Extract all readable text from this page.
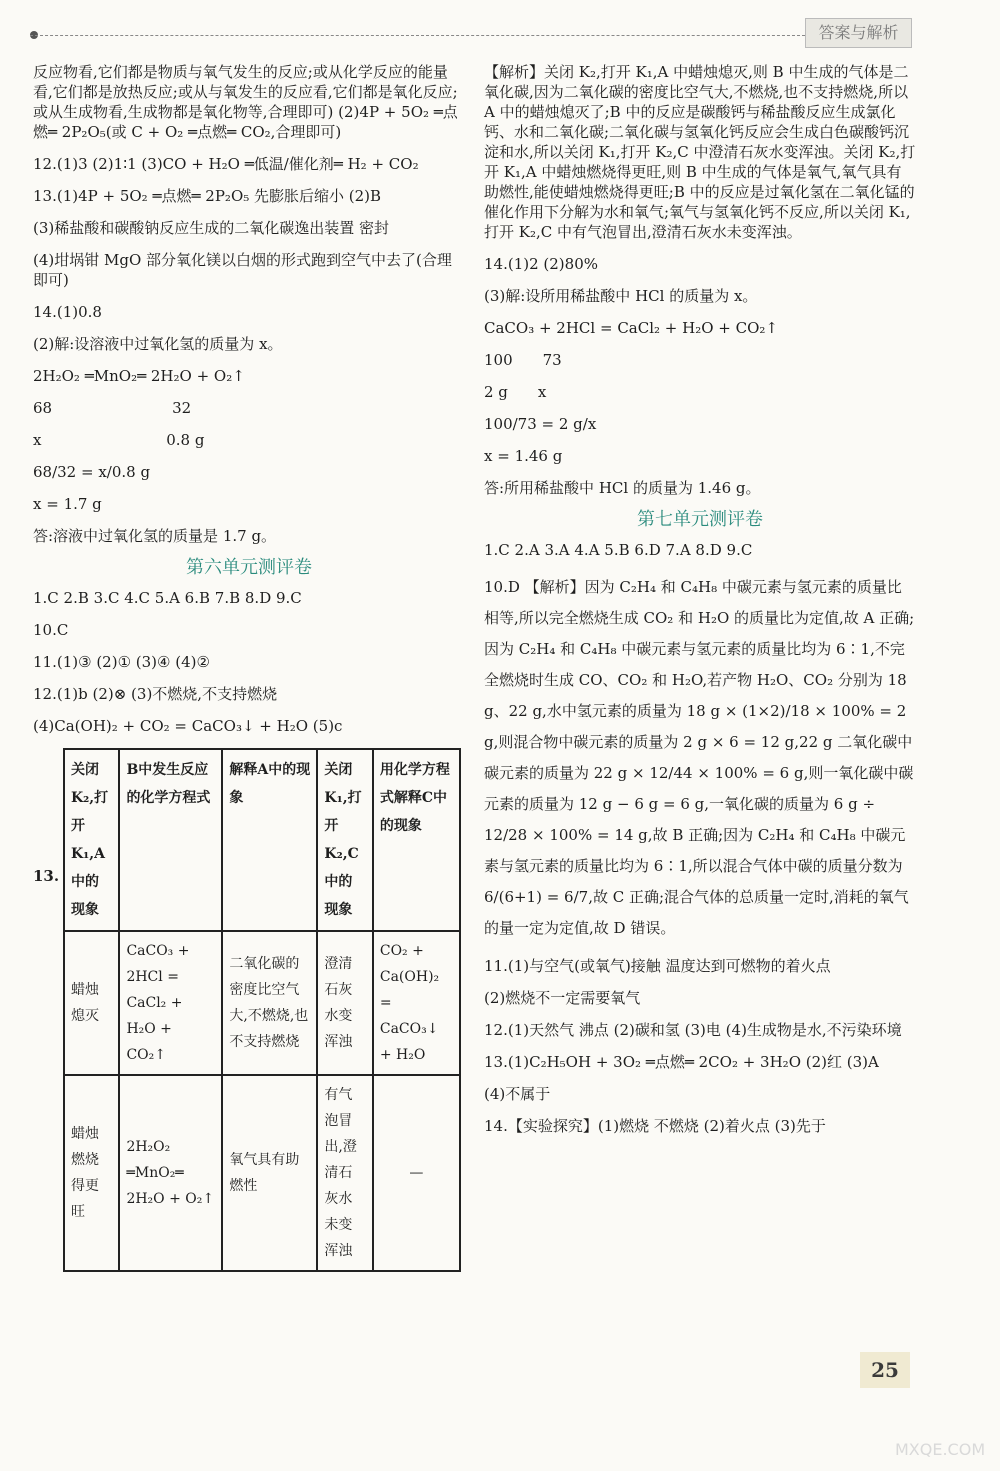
答案与解析

反应物看,它们都是物质与氧气发生的反应;或从化学反应的能量看,它们都是放热反应;或从与氧发生的反应看,它们都是氧化反应;或从生成物看,生成物都是氧化物等,合理即可) (2)4P + 5O₂ ═点燃═ 2P₂O₅(或 C + O₂ ═点燃═ CO₂,合理即可)

12.(1)3 (2)1∶1 (3)CO + H₂O ═低温/催化剂═ H₂ + CO₂

13.(1)4P + 5O₂ ═点燃═ 2P₂O₅ 先膨胀后缩小 (2)B

(3)稀盐酸和碳酸钠反应生成的二氧化碳逸出装置 密封

(4)坩埚钳 MgO 部分氧化镁以白烟的形式跑到空气中去了(合理即可)

14.(1)0.8

(2)解:设溶液中过氧化氢的质量为 x。

2H₂O₂ ═MnO₂═ 2H₂O + O₂↑

68　　　　　　　　32

x　　　　　　　　 0.8 g

68/32 = x/0.8 g

x = 1.7 g

答:溶液中过氧化氢的质量是 1.7 g。

第六单元测评卷

1.C 2.B 3.C 4.C 5.A 6.B 7.B 8.D 9.C

10.C

11.(1)③ (2)① (3)④ (4)②

12.(1)b (2)⊗ (3)不燃烧,不支持燃烧

(4)Ca(OH)₂ + CO₂ = CaCO₃↓ + H₂O (5)c

关闭K₂,打开K₁,A中的现象	B中发生反应的化学方程式	解释A中的现象	关闭K₁,打开K₂,C中的现象	用化学方程式解释C中的现象
蜡烛熄灭	CaCO₃ + 2HCl = CaCl₂ + H₂O + CO₂↑	二氧化碳的密度比空气大,不燃烧,也不支持燃烧	澄清石灰水变浑浊	CO₂ + Ca(OH)₂ = CaCO₃↓ + H₂O
蜡烛燃烧得更旺	2H₂O₂ ═MnO₂═ 2H₂O + O₂↑	氧气具有助燃性	有气泡冒出,澄清石灰水未变浑浊	—
13.

【解析】关闭 K₂,打开 K₁,A 中蜡烛熄灭,则 B 中生成的气体是二氧化碳,因为二氧化碳的密度比空气大,不燃烧,也不支持燃烧,所以 A 中的蜡烛熄灭了;B 中的反应是碳酸钙与稀盐酸反应生成氯化钙、水和二氧化碳;二氧化碳与氢氧化钙反应会生成白色碳酸钙沉淀和水,所以关闭 K₁,打开 K₂,C 中澄清石灰水变浑浊。关闭 K₂,打开 K₁,A 中蜡烛燃烧得更旺,则 B 中生成的气体是氧气,氧气具有助燃性,能使蜡烛燃烧得更旺;B 中的反应是过氧化氢在二氧化锰的催化作用下分解为水和氧气;氧气与氢氧化钙不反应,所以关闭 K₁,打开 K₂,C 中有气泡冒出,澄清石灰水未变浑浊。

14.(1)2 (2)80%

(3)解:设所用稀盐酸中 HCl 的质量为 x。

CaCO₃ + 2HCl = CaCl₂ + H₂O + CO₂↑

100　　73

2 g　　x

100/73 = 2 g/x

x = 1.46 g

答:所用稀盐酸中 HCl 的质量为 1.46 g。

第七单元测评卷

1.C 2.A 3.A 4.A 5.B 6.D 7.A 8.D 9.C

10.D 【解析】因为 C₂H₄ 和 C₄H₈ 中碳元素与氢元素的质量比相等,所以完全燃烧生成 CO₂ 和 H₂O 的质量比为定值,故 A 正确;因为 C₂H₄ 和 C₄H₈ 中碳元素与氢元素的质量比均为 6∶1,不完全燃烧时生成 CO、CO₂ 和 H₂O,若产物 H₂O、CO₂ 分别为 18 g、22 g,水中氢元素的质量为 18 g × (1×2)/18 × 100% = 2 g,则混合物中碳元素的质量为 2 g × 6 = 12 g,22 g 二氧化碳中碳元素的质量为 22 g × 12/44 × 100% = 6 g,则一氧化碳中碳元素的质量为 12 g − 6 g = 6 g,一氧化碳的质量为 6 g ÷ 12/28 × 100% = 14 g,故 B 正确;因为 C₂H₄ 和 C₄H₈ 中碳元素与氢元素的质量比均为 6∶1,所以混合气体中碳的质量分数为 6/(6+1) = 6/7,故 C 正确;混合气体的总质量一定时,消耗的氧气的量一定为定值,故 D 错误。

11.(1)与空气(或氧气)接触 温度达到可燃物的着火点

(2)燃烧不一定需要氧气

12.(1)天然气 沸点 (2)碳和氢 (3)电 (4)生成物是水,不污染环境

13.(1)C₂H₅OH + 3O₂ ═点燃═ 2CO₂ + 3H₂O (2)红 (3)A

(4)不属于

14.【实验探究】(1)燃烧 不燃烧 (2)着火点 (3)先于

25
MXQE.COM
